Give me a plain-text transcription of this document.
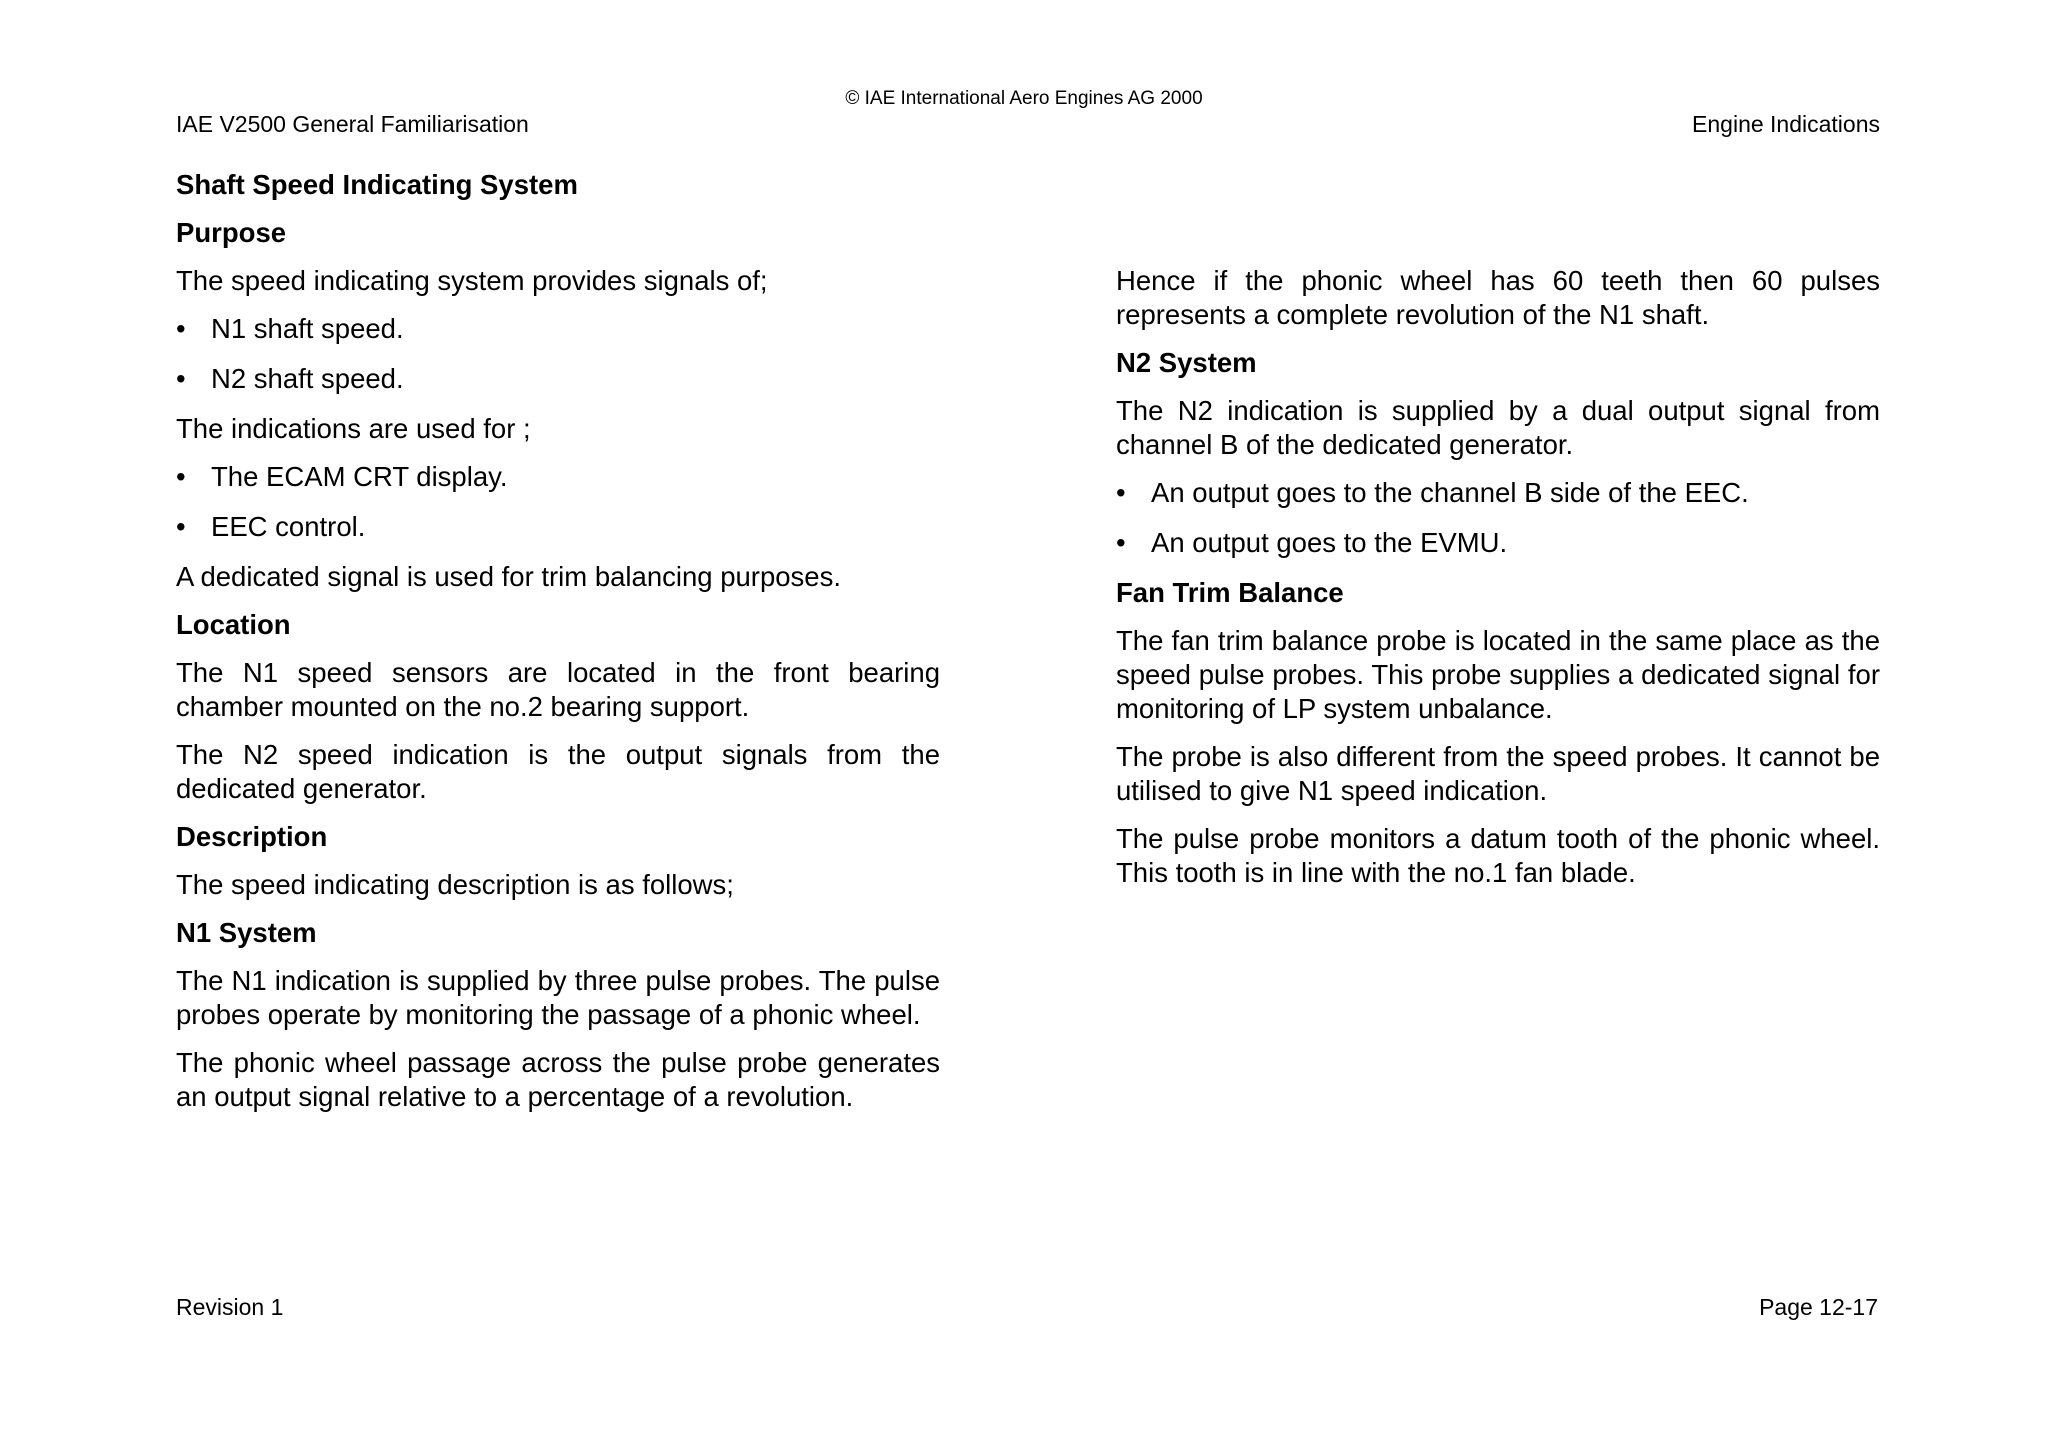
© IAE International Aero Engines AG 2000
IAE V2500 General Familiarisation	Engine Indications
Shaft Speed Indicating System
Purpose
The speed indicating system provides signals of;
• N1 shaft speed.
• N2 shaft speed.
The indications are used for ;
• The ECAM CRT display.
• EEC control.
A dedicated signal is used for trim balancing purposes.
Location
The N1 speed sensors are located in the front bearing chamber mounted on the no.2 bearing support.
The N2 speed indication is the output signals from the dedicated generator.
Description
The speed indicating description is as follows;
N1 System
The N1 indication is supplied by three pulse probes. The pulse probes operate by monitoring the passage of a phonic wheel.
The phonic wheel passage across the pulse probe generates an output signal relative to a percentage of a revolution.
Hence if the phonic wheel has 60 teeth then 60 pulses represents a complete revolution of the N1 shaft.
N2 System
The N2 indication is supplied by a dual output signal from channel B of the dedicated generator.
• An output goes to the channel B side of the EEC.
• An output goes to the EVMU.
Fan Trim Balance
The fan trim balance probe is located in the same place as the speed pulse probes. This probe supplies a dedicated signal for monitoring of LP system unbalance.
The probe is also different from the speed probes. It cannot be utilised to give N1 speed indication.
The pulse probe monitors a datum tooth of the phonic wheel. This tooth is in line with the no.1 fan blade.
Revision 1	Page 12-17
